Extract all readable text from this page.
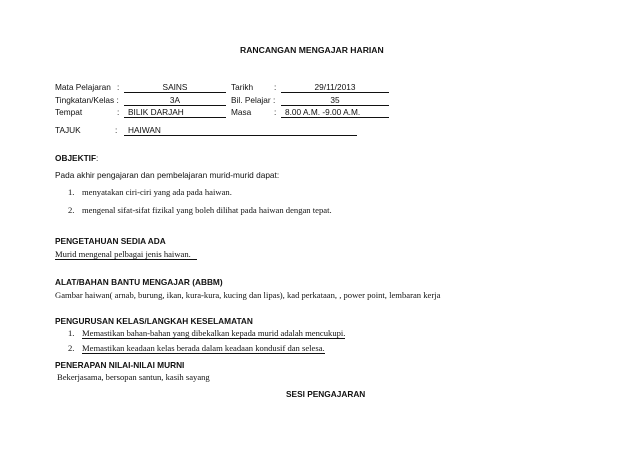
RANCANGAN MENGAJAR HARIAN
Mata Pelajaran :	SAINS	Tarikh	:	29/11/2013
Tingkatan/Kelas :	3A	Bil. Pelajar :	35
Tempat	:	BILIK DARJAH	Masa	:	8.00 A.M. -9.00 A.M.
TAJUK	:	HAIWAN
OBJEKTIF:
Pada akhir pengajaran dan pembelajaran murid-murid dapat:
1. menyatakan ciri-ciri yang ada pada haiwan.
2. mengenal sifat-sifat fizikal yang boleh dilihat pada haiwan dengan tepat.
PENGETAHUAN SEDIA ADA
Murid mengenal pelbagai jenis haiwan.
ALAT/BAHAN BANTU MENGAJAR (ABBM)
Gambar haiwan( arnab, burung, ikan, kura-kura, kucing dan lipas), kad perkataan, , power point, lembaran kerja
PENGURUSAN KELAS/LANGKAH KESELAMATAN
1. Memastikan bahan-bahan yang dibekalkan kepada murid adalah mencukupi.
2. Memastikan keadaan kelas berada dalam keadaan kondusif dan selesa.
PENERAPAN NILAI-NILAI MURNI
Bekerjasama, bersopan santun, kasih sayang
SESI PENGAJARAN
